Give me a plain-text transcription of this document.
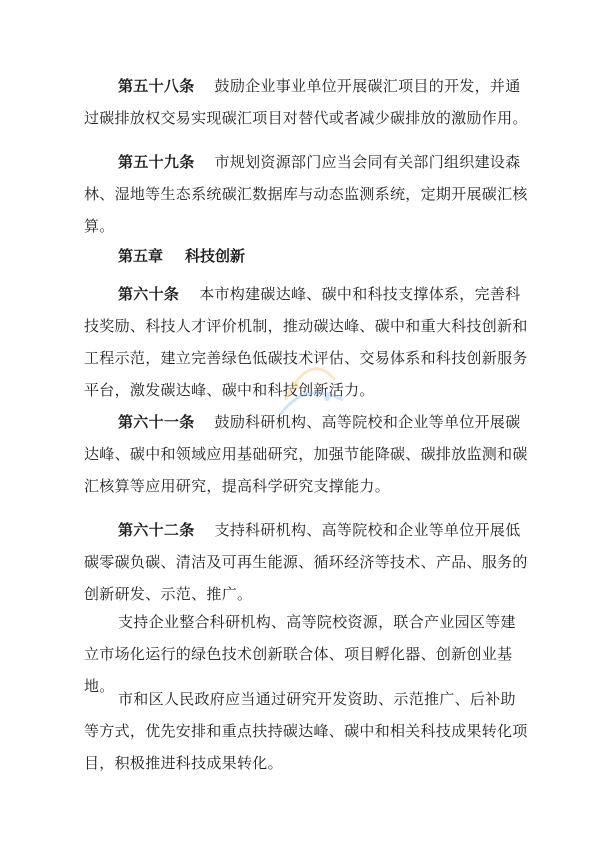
第五十八条 鼓励企业事业单位开展碳汇项目的开发，并通过碳排放权交易实现碳汇项目对替代或者减少碳排放的激励作用。

第五十九条 市规划资源部门应当会同有关部门组织建设森林、湿地等生态系统碳汇数据库与动态监测系统，定期开展碳汇核算。

第五章 科技创新

第六十条 本市构建碳达峰、碳中和科技支撑体系，完善科技奖励、科技人才评价机制，推动碳达峰、碳中和重大科技创新和工程示范，建立完善绿色低碳技术评估、交易体系和科技创新服务平台，激发碳达峰、碳中和科技创新活力。

第六十一条 鼓励科研机构、高等院校和企业等单位开展碳达峰、碳中和领域应用基础研究，加强节能降碳、碳排放监测和碳汇核算等应用研究，提高科学研究支撑能力。

第六十二条 支持科研机构、高等院校和企业等单位开展低碳零碳负碳、清洁及可再生能源、循环经济等技术、产品、服务的创新研发、示范、推广。

支持企业整合科研机构、高等院校资源，联合产业园区等建立市场化运行的绿色技术创新联合体、项目孵化器、创新创业基地。

市和区人民政府应当通过研究开发资助、示范推广、后补助等方式，优先安排和重点扶持碳达峰、碳中和相关科技成果转化项目，积极推进科技成果转化。
